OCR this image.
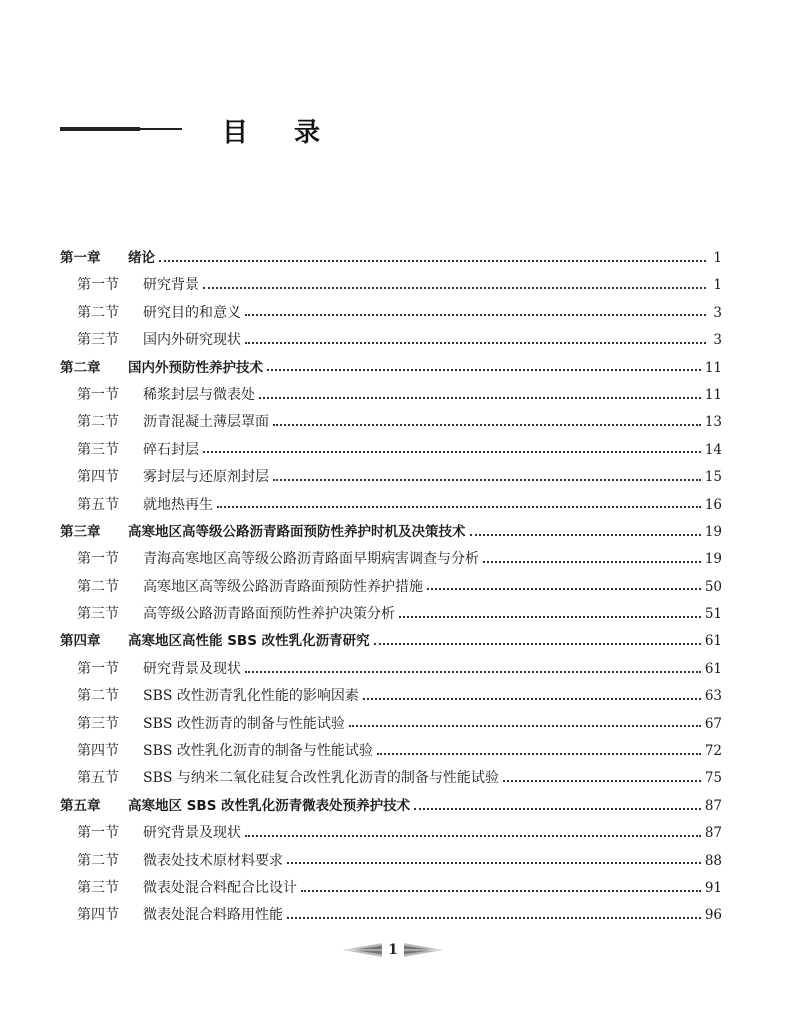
目录
第一章	绪论	1
第一节	研究背景	1
第二节	研究目的和意义	3
第三节	国内外研究现状	3
第二章	国内外预防性养护技术	11
第一节	稀浆封层与微表处	11
第二节	沥青混凝土薄层罩面	13
第三节	碎石封层	14
第四节	雾封层与还原剂封层	15
第五节	就地热再生	16
第三章	高寒地区高等级公路沥青路面预防性养护时机及决策技术	19
第一节	青海高寒地区高等级公路沥青路面早期病害调查与分析	19
第二节	高寒地区高等级公路沥青路面预防性养护措施	50
第三节	高等级公路沥青路面预防性养护决策分析	51
第四章	高寒地区高性能 SBS 改性乳化沥青研究	61
第一节	研究背景及现状	61
第二节	SBS 改性沥青乳化性能的影响因素	63
第三节	SBS 改性沥青的制备与性能试验	67
第四节	SBS 改性乳化沥青的制备与性能试验	72
第五节	SBS 与纳米二氧化硅复合改性乳化沥青的制备与性能试验	75
第五章	高寒地区 SBS 改性乳化沥青微表处预养护技术	87
第一节	研究背景及现状	87
第二节	微表处技术原材料要求	88
第三节	微表处混合料配合比设计	91
第四节	微表处混合料路用性能	96
1
